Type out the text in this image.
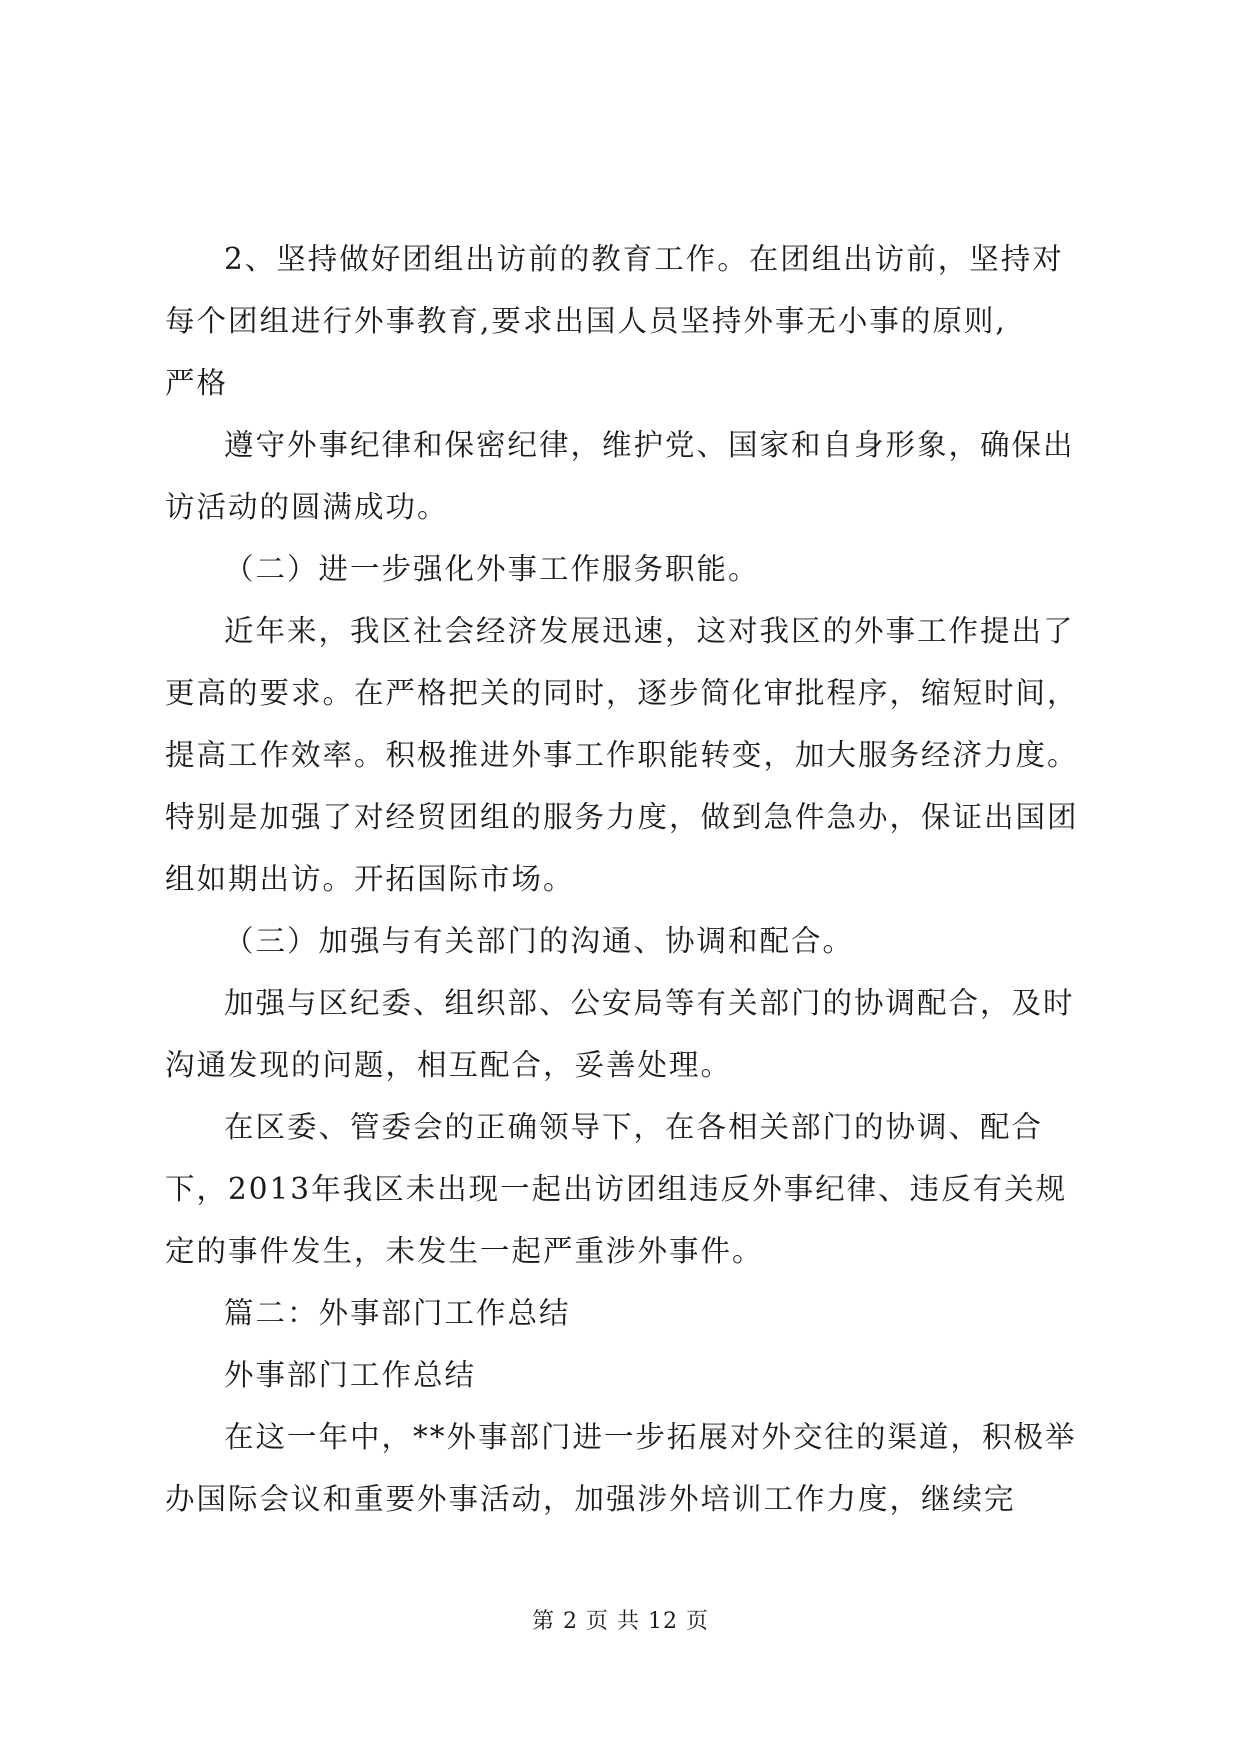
2、坚持做好团组出访前的教育工作。在团组出访前，坚持对每个团组进行外事教育,要求出国人员坚持外事无小事的原则,

严格

遵守外事纪律和保密纪律，维护党、国家和自身形象，确保出访活动的圆满成功。

（二）进一步强化外事工作服务职能。

近年来，我区社会经济发展迅速，这对我区的外事工作提出了更高的要求。在严格把关的同时，逐步简化审批程序，缩短时间，提高工作效率。积极推进外事工作职能转变，加大服务经济力度。特别是加强了对经贸团组的服务力度，做到急件急办，保证出国团组如期出访。开拓国际市场。

（三）加强与有关部门的沟通、协调和配合。

加强与区纪委、组织部、公安局等有关部门的协调配合，及时沟通发现的问题，相互配合，妥善处理。

在区委、管委会的正确领导下，在各相关部门的协调、配合下，2013年我区未出现一起出访团组违反外事纪律、违反有关规定的事件发生，未发生一起严重涉外事件。

篇二：外事部门工作总结

外事部门工作总结

在这一年中，**外事部门进一步拓展对外交往的渠道，积极举办国际会议和重要外事活动，加强涉外培训工作力度，继续完

第 2 页 共 12 页
